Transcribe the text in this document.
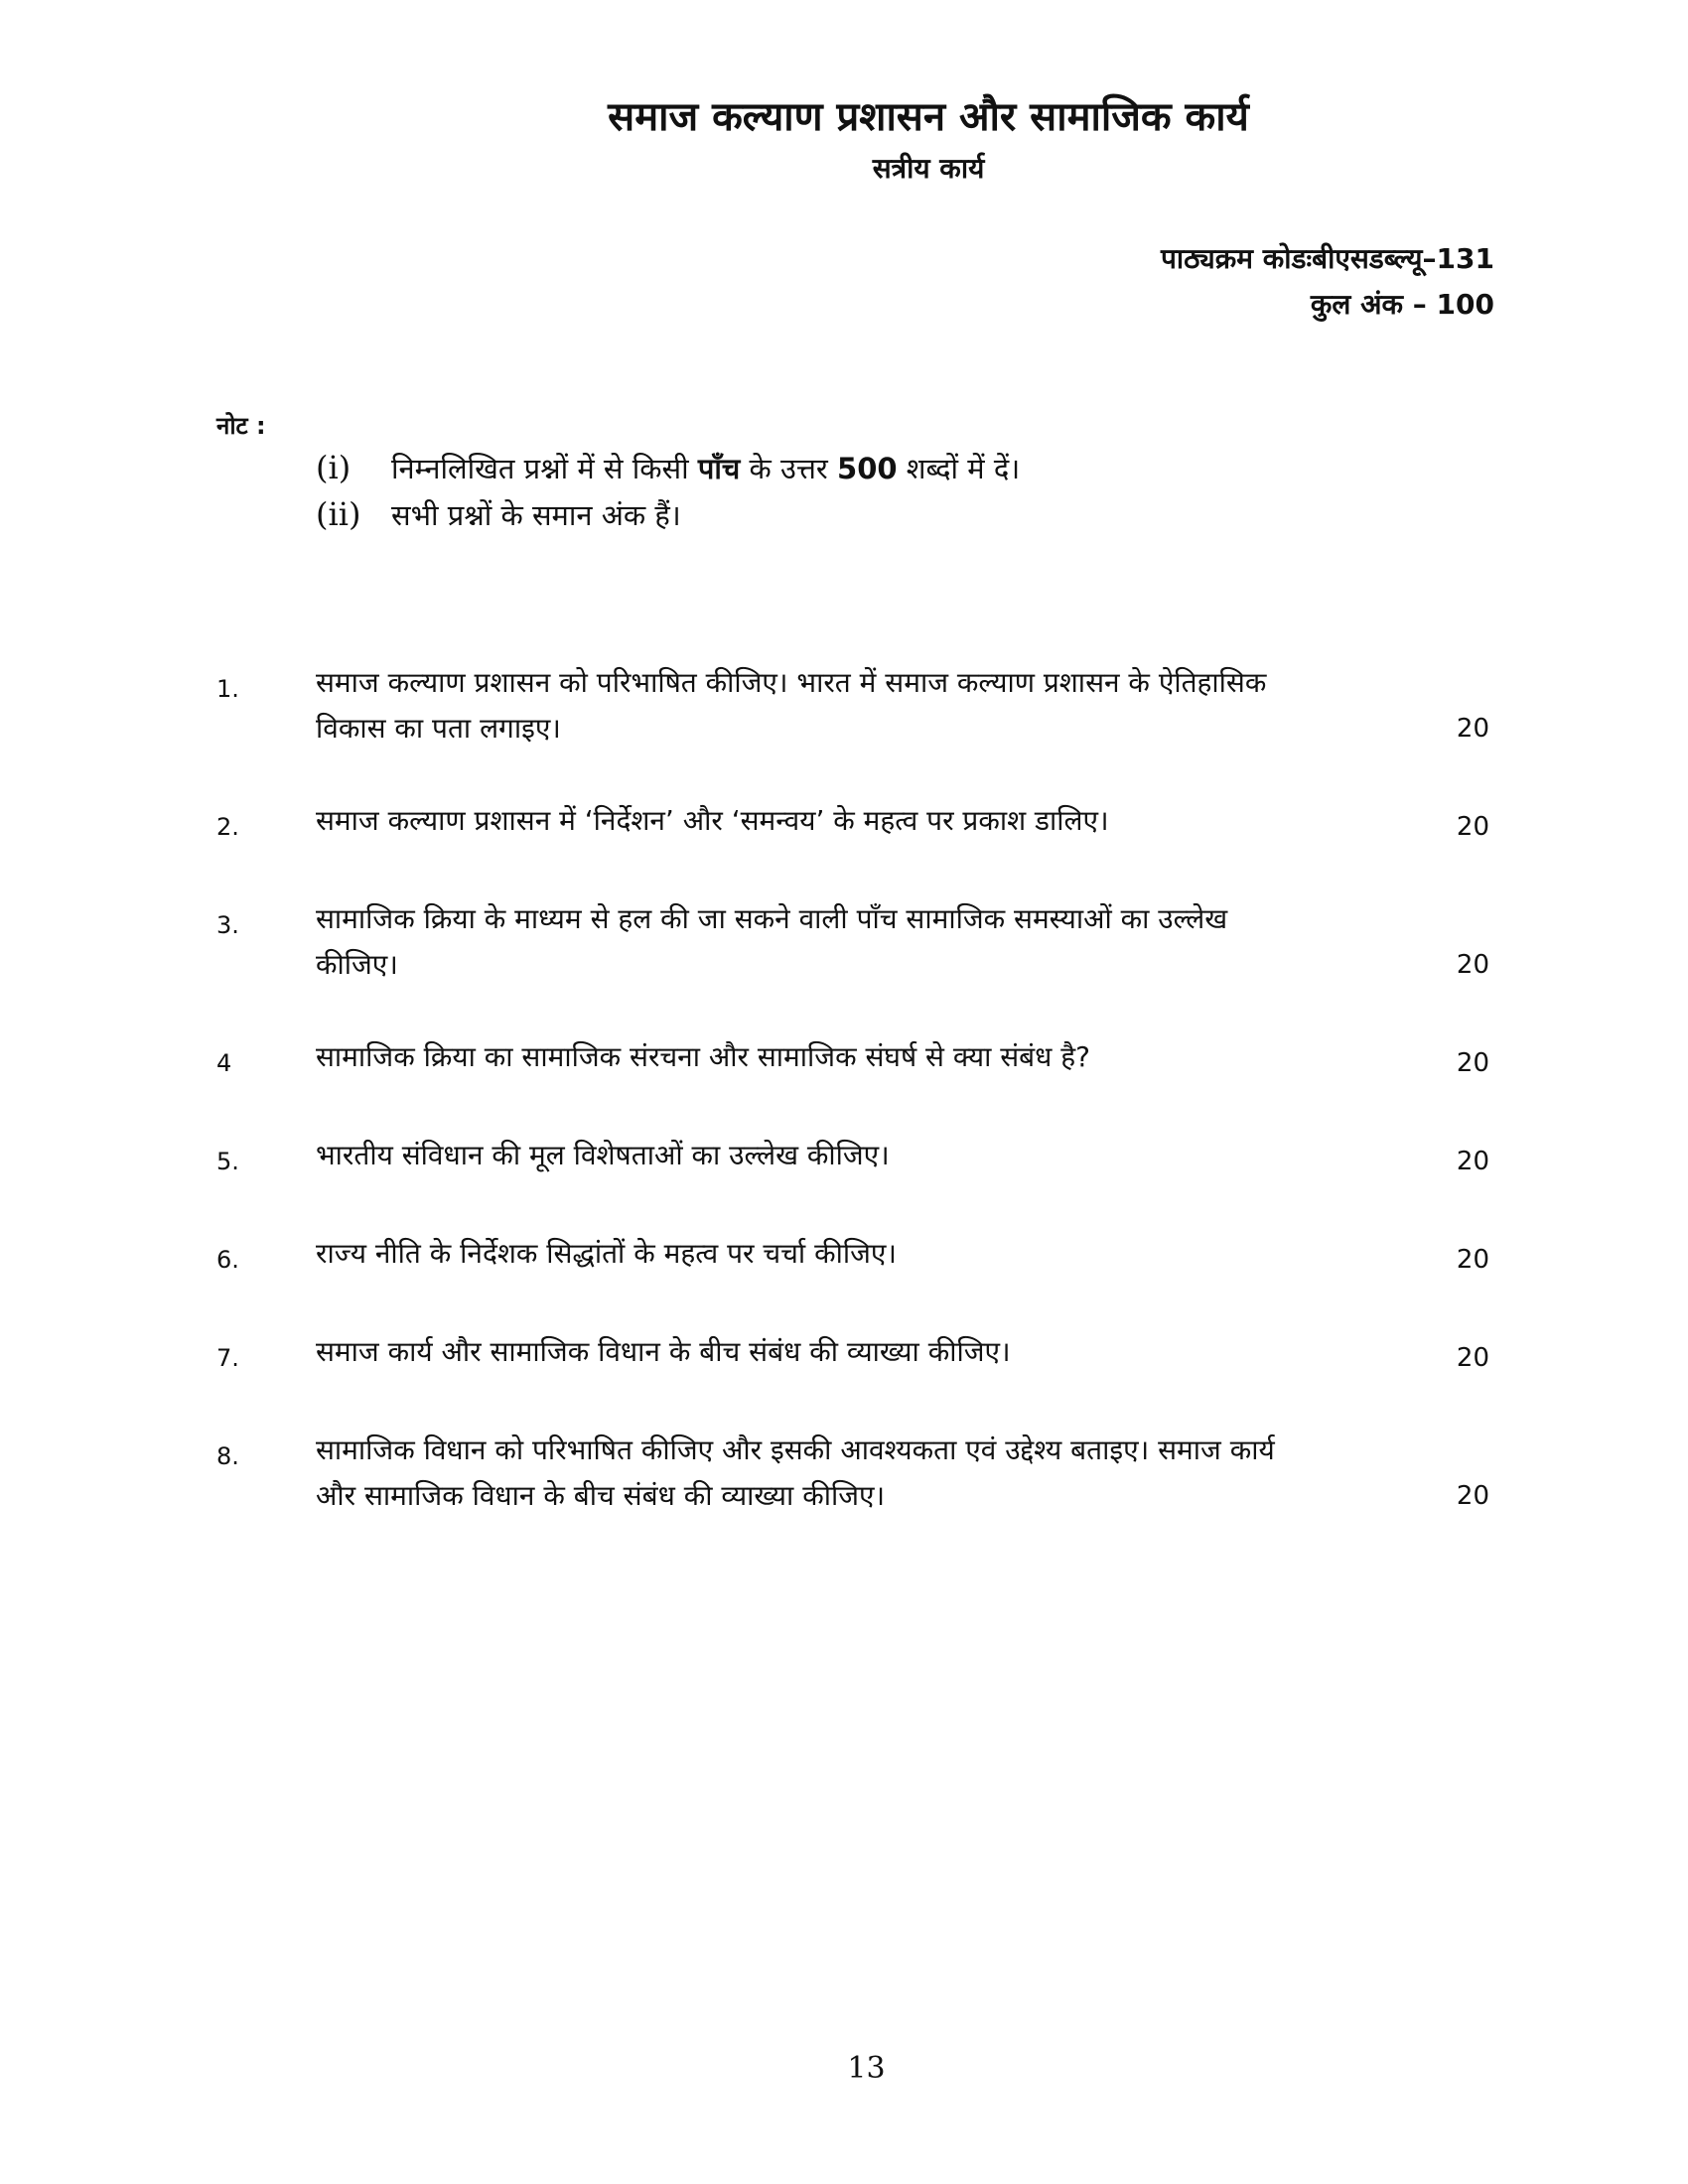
समाज कल्याण प्रशासन और सामाजिक कार्य
सत्रीय कार्य
पाठ्यक्रम कोडःबीएसडब्ल्यू–131
कुल अंक – 100
नोट :
(i)	निम्नलिखित प्रश्नों में से किसी पाँच के उत्तर 500 शब्दों में दें।
(ii)	सभी प्रश्नों के समान अंक हैं।
1.	समाज कल्याण प्रशासन को परिभाषित कीजिए। भारत में समाज कल्याण प्रशासन के ऐतिहासिक विकास का पता लगाइए।	20
2.	समाज कल्याण प्रशासन में ‘निर्देशन’ और ‘समन्वय’ के महत्व पर प्रकाश डालिए।	20
3.	सामाजिक क्रिया के माध्यम से हल की जा सकने वाली पाँच सामाजिक समस्याओं का उल्लेख कीजिए।	20
4	सामाजिक क्रिया का सामाजिक संरचना और सामाजिक संघर्ष से क्या संबंध है?	20
5.	भारतीय संविधान की मूल विशेषताओं का उल्लेख कीजिए।	20
6.	राज्य नीति के निर्देशक सिद्धांतों के महत्व पर चर्चा कीजिए।	20
7.	समाज कार्य और सामाजिक विधान के बीच संबंध की व्याख्या कीजिए।	20
8.	सामाजिक विधान को परिभाषित कीजिए और इसकी आवश्यकता एवं उद्देश्य बताइए। समाज कार्य और सामाजिक विधान के बीच संबंध की व्याख्या कीजिए।	20
13
